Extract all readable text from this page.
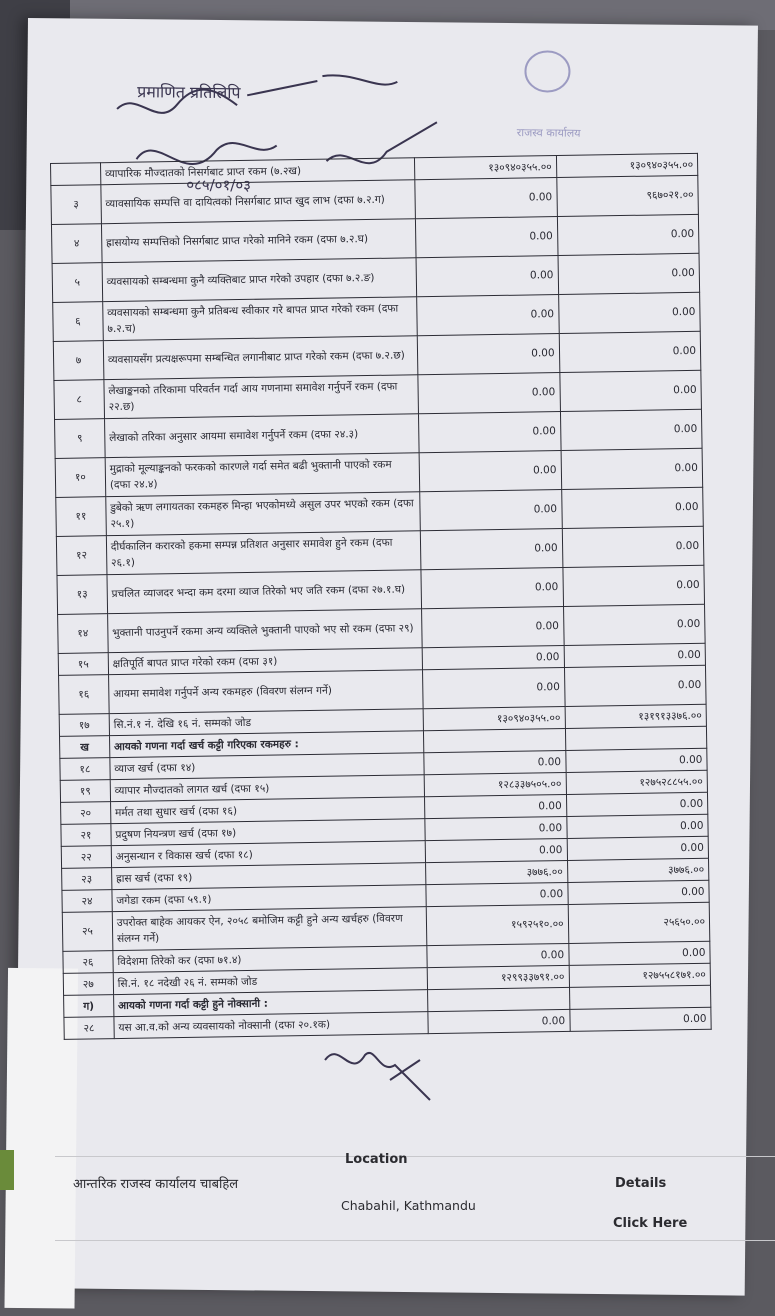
प्रमाणित प्रतिलिपि
०८५/०१/०३
राजस्व कार्यालय
	व्यापारिक मौज्दातको निसर्गबाट प्राप्त रकम (७.२ख)	१३०९४०३५५.००	१३०९४०३५५.००
३	व्यावसायिक सम्पत्ति वा दायित्वको निसर्गबाट प्राप्त खुद लाभ (दफा ७.२.ग)	0.00	९६७०२१.००
४	ह्रासयोग्य सम्पत्तिको निसर्गबाट प्राप्त गरेको मानिने रकम (दफा ७.२.घ)	0.00	0.00
५	व्यवसायको सम्बन्धमा कुनै व्यक्तिबाट प्राप्त गरेको उपहार (दफा ७.२.ङ)	0.00	0.00
६	व्यवसायको सम्बन्धमा कुनै प्रतिबन्ध स्वीकार गरे बापत प्राप्त गरेको रकम (दफा ७.२.च)	0.00	0.00
७	व्यवसायसँग प्रत्यक्षरूपमा सम्बन्धित लगानीबाट प्राप्त गरेको रकम (दफा ७.२.छ)	0.00	0.00
८	लेखाङ्कनको तरिकामा परिवर्तन गर्दा आय गणनामा समावेश गर्नुपर्ने रकम (दफा २२.छ)	0.00	0.00
९	लेखाको तरिका अनुसार आयमा समावेश गर्नुपर्ने रकम (दफा २४.३)	0.00	0.00
१०	मुद्राको मूल्याङ्कनको फरकको कारणले गर्दा समेत बढी भुक्तानी पाएको रकम (दफा २४.४)	0.00	0.00
११	डुबेको ऋण लगायतका रकमहरु मिन्हा भएकोमध्ये असुल उपर भएको रकम (दफा २५.१)	0.00	0.00
१२	दीर्घकालिन करारको हकमा सम्पन्न प्रतिशत अनुसार समावेश हुने रकम (दफा २६.१)	0.00	0.00
१३	प्रचलित व्याजदर भन्दा कम दरमा व्याज तिरेको भए जति रकम (दफा २७.१.घ)	0.00	0.00
१४	भुक्तानी पाउनुपर्ने रकमा अन्य व्यक्तिले भुक्तानी पाएको भए सो रकम (दफा २९)	0.00	0.00
१५	क्षतिपूर्ति बापत प्राप्त गरेको रकम (दफा ३१)	0.00	0.00
१६	आयमा समावेश गर्नुपर्ने अन्य रकमहरु (विवरण संलग्न गर्ने)	0.00	0.00
१७	सि.नं.१ नं. देखि १६ नं. सम्मको जोड	१३०९४०३५५.००	१३१९१३३७६.००
ख	आयको गणना गर्दा खर्च कट्टी गरिएका रकमहरु :		
१८	व्याज खर्च (दफा १४)	0.00	0.00
१९	व्यापार मौज्दातको लागत खर्च (दफा १५)	१२८३३७५०५.००	१२७५२८८५५.००
२०	मर्मत तथा सुधार खर्च (दफा १६)	0.00	0.00
२१	प्रदुषण नियन्त्रण खर्च (दफा १७)	0.00	0.00
२२	अनुसन्धान र विकास खर्च (दफा १८)	0.00	0.00
२३	ह्रास खर्च (दफा १९)	३७७६.००	३७७६.००
२४	जगेडा रकम (दफा ५९.१)	0.00	0.00
२५	उपरोक्त बाहेक आयकर ऐन, २०५८ बमोजिम कट्टी हुने अन्य खर्चहरु (विवरण संलग्न गर्ने)	१५९२५१०.००	२५६५०.००
२६	विदेशमा तिरेको कर (दफा ७१.४)	0.00	0.00
२७	सि.नं. १८ नदेखी २६ नं. सम्मको जोड	१२९९३३७९१.००	१२७५५८१७१.००
ग)	आयको गणना गर्दा कट्टी हुने नोक्सानी :		
२८	यस आ.व.को अन्य व्यवसायको नोक्सानी (दफा २०.१क)	0.00	0.00
Location
आन्तरिक राजस्व कार्यालय चाबहिल
Chabahil, Kathmandu
Details
Click Here
